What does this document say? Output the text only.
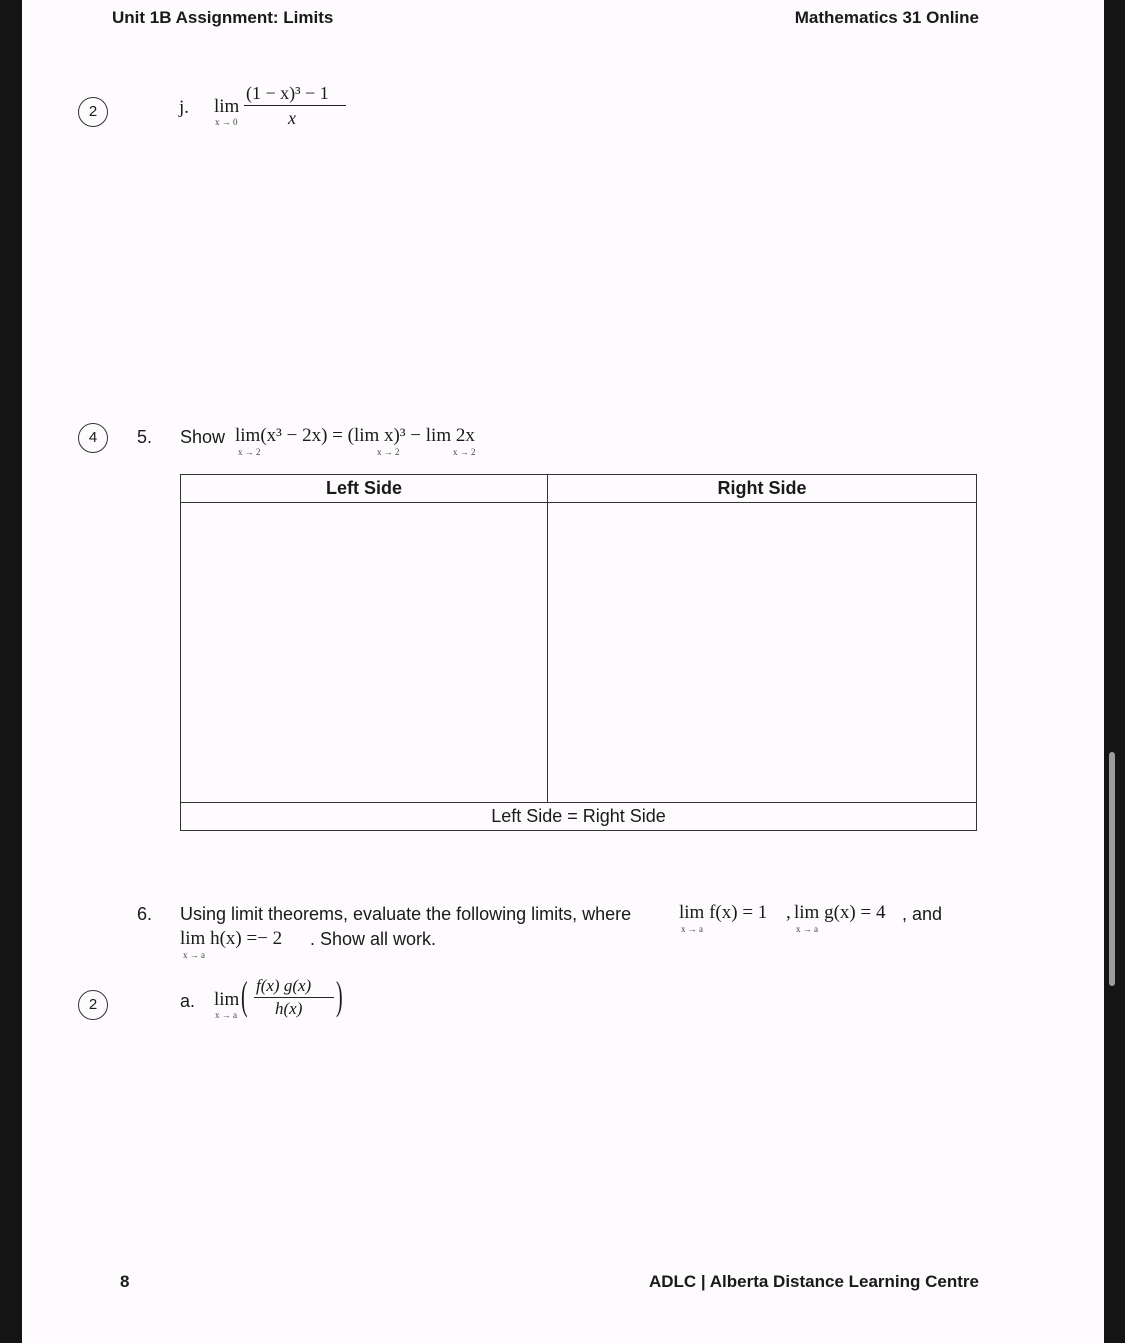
Unit 1B Assignment: Limits	Mathematics 31 Online
2	j. lim
x → 0
(1 − x)³ − 1
x
4	5. Show lim(x³ − 2x) = (lim x)³ − lim 2x
x → 2	x → 2	x → 2
Left Side	Right Side

Left Side = Right Side	
6. Using limit theorems, evaluate the following limits, where	lim f(x) = 1 , lim g(x) = 4 , and
x → a	x → a
lim h(x) =− 2 . Show all work.
x → a
2	a. lim
x → a ( f(x) g(x)
h(x) )
8	ADLC | Alberta Distance Learning Centre
